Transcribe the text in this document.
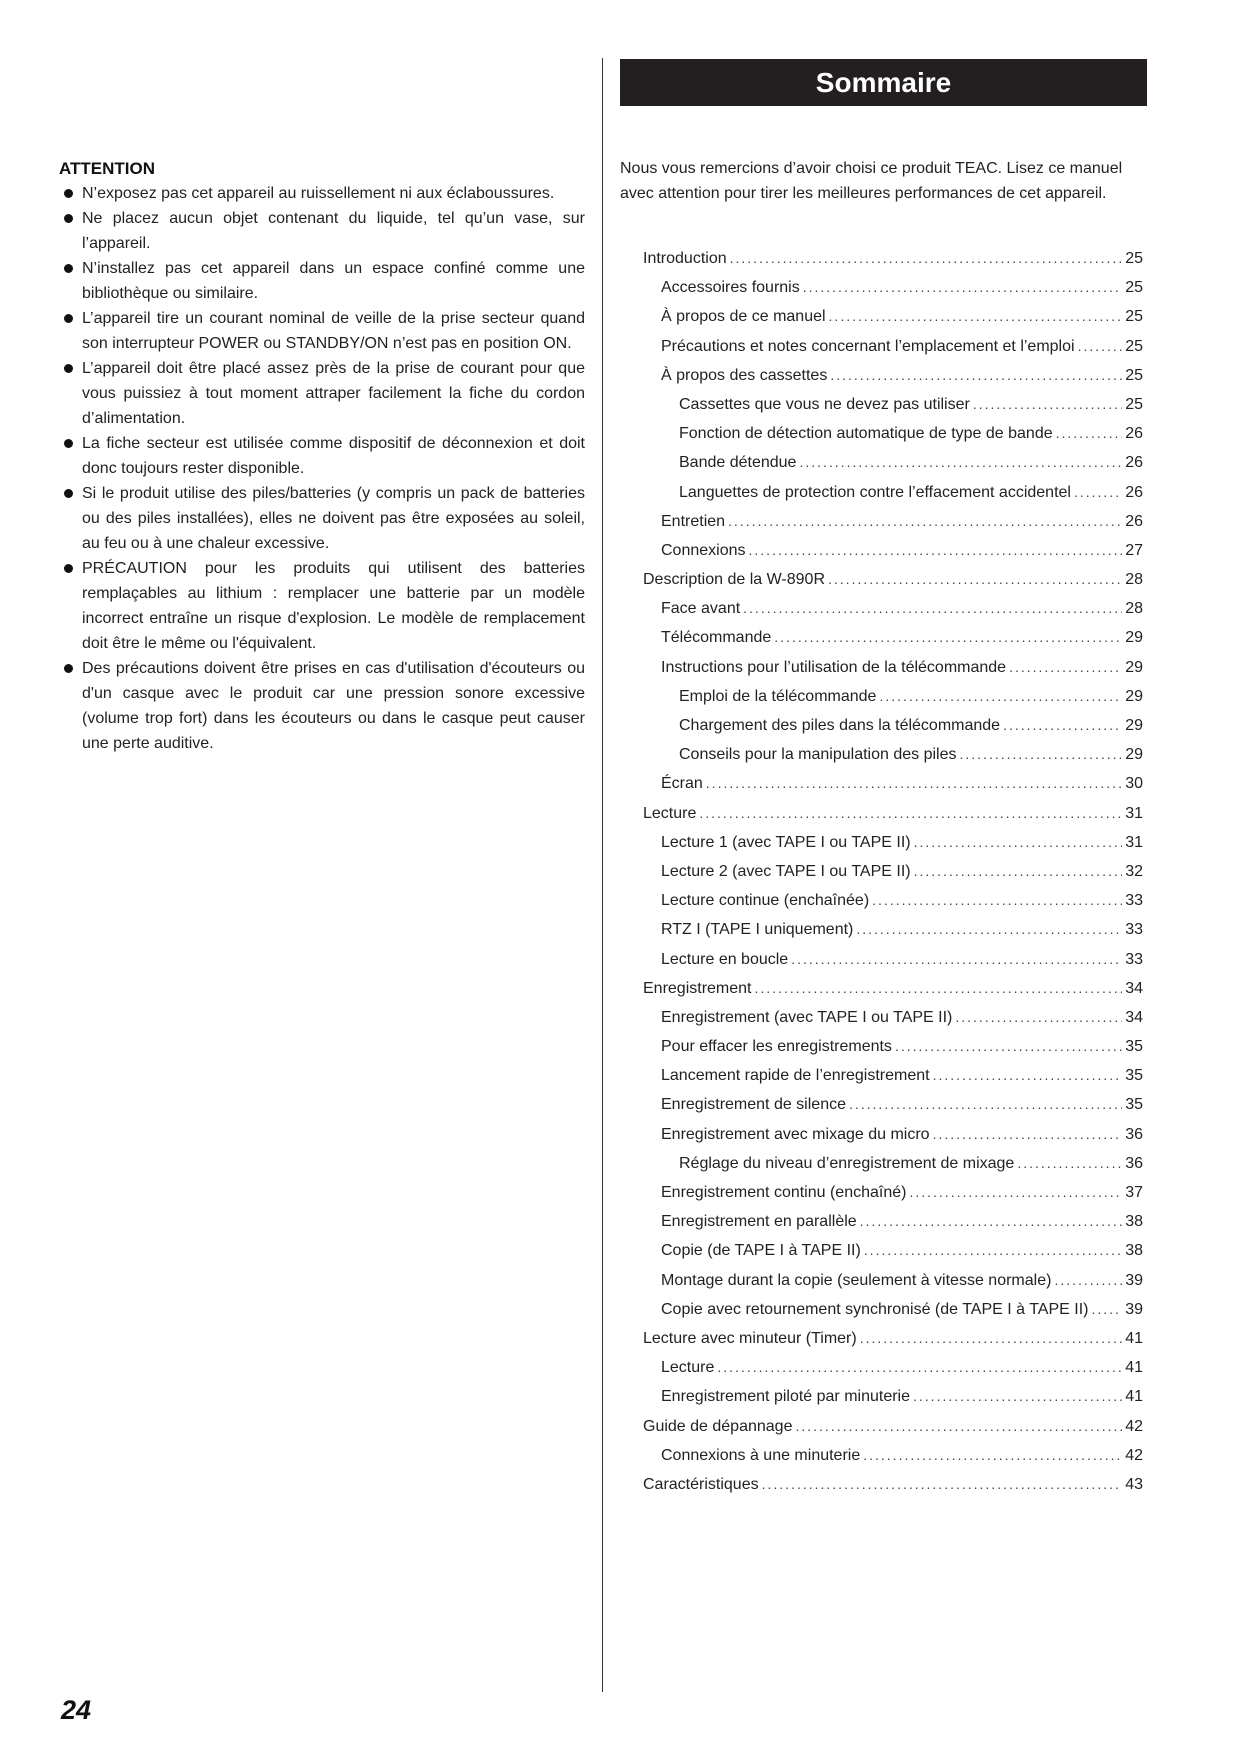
ATTENTION
N’exposez pas cet appareil au ruissellement ni aux éclaboussures.
Ne placez aucun objet contenant du liquide, tel qu’un vase, sur l’appareil.
N’installez pas cet appareil dans un espace confiné comme une bibliothèque ou similaire.
L’appareil tire un courant nominal de veille de la prise secteur quand son interrupteur POWER ou STANDBY/ON n’est pas en position ON.
L’appareil doit être placé assez près de la prise de courant pour que vous puissiez à tout moment attraper facilement la fiche du cordon d’alimentation.
La fiche secteur est utilisée comme dispositif de déconnexion et doit donc toujours rester disponible.
Si le produit utilise des piles/batteries (y compris un pack de batteries ou des piles installées), elles ne doivent pas être exposées au soleil, au feu ou à une chaleur excessive.
PRÉCAUTION pour les produits qui utilisent des batteries remplaçables au lithium : remplacer une batterie par un modèle incorrect entraîne un risque d'explosion. Le modèle de remplacement doit être le même ou l'équivalent.
Des précautions doivent être prises en cas d'utilisation d'écouteurs ou d'un casque avec le produit car une pression sonore excessive (volume trop fort) dans les écouteurs ou dans le casque peut causer une perte auditive.
Sommaire
Nous vous remercions d’avoir choisi ce produit TEAC. Lisez ce manuel avec attention pour tirer les meilleures performances de cet appareil.
Introduction .....	25
Accessoires fournis .....	25
À propos de ce manuel .....	25
Précautions et notes concernant l’emplacement et l’emploi .....	25
À propos des cassettes .....	25
Cassettes que vous ne devez pas utiliser .....	25
Fonction de détection automatique de type de bande .....	26
Bande détendue .....	26
Languettes de protection contre l’effacement accidentel .....	26
Entretien .....	26
Connexions .....	27
Description de la W-890R .....	28
Face avant .....	28
Télécommande .....	29
Instructions pour l’utilisation de la télécommande .....	29
Emploi de la télécommande .....	29
Chargement des piles dans la télécommande .....	29
Conseils pour la manipulation des piles .....	29
Écran .....	30
Lecture .....	31
Lecture 1 (avec TAPE I ou TAPE II) .....	31
Lecture 2 (avec TAPE I ou TAPE II) .....	32
Lecture continue (enchaînée) .....	33
RTZ I (TAPE I uniquement) .....	33
Lecture en boucle .....	33
Enregistrement .....	34
Enregistrement (avec TAPE I ou TAPE II) .....	34
Pour effacer les enregistrements .....	35
Lancement rapide de l’enregistrement .....	35
Enregistrement de silence .....	35
Enregistrement avec mixage du micro .....	36
Réglage du niveau d’enregistrement de mixage .....	36
Enregistrement continu (enchaîné) .....	37
Enregistrement en parallèle .....	38
Copie (de TAPE I à TAPE II) .....	38
Montage durant la copie (seulement à vitesse normale) .....	39
Copie avec retournement synchronisé (de TAPE I à TAPE II) ..... 39
Lecture avec minuteur (Timer) .....	41
Lecture .....	41
Enregistrement piloté par minuterie .....	41
Guide de dépannage .....	42
Connexions à une minuterie .....	42
Caractéristiques .....	43
24
